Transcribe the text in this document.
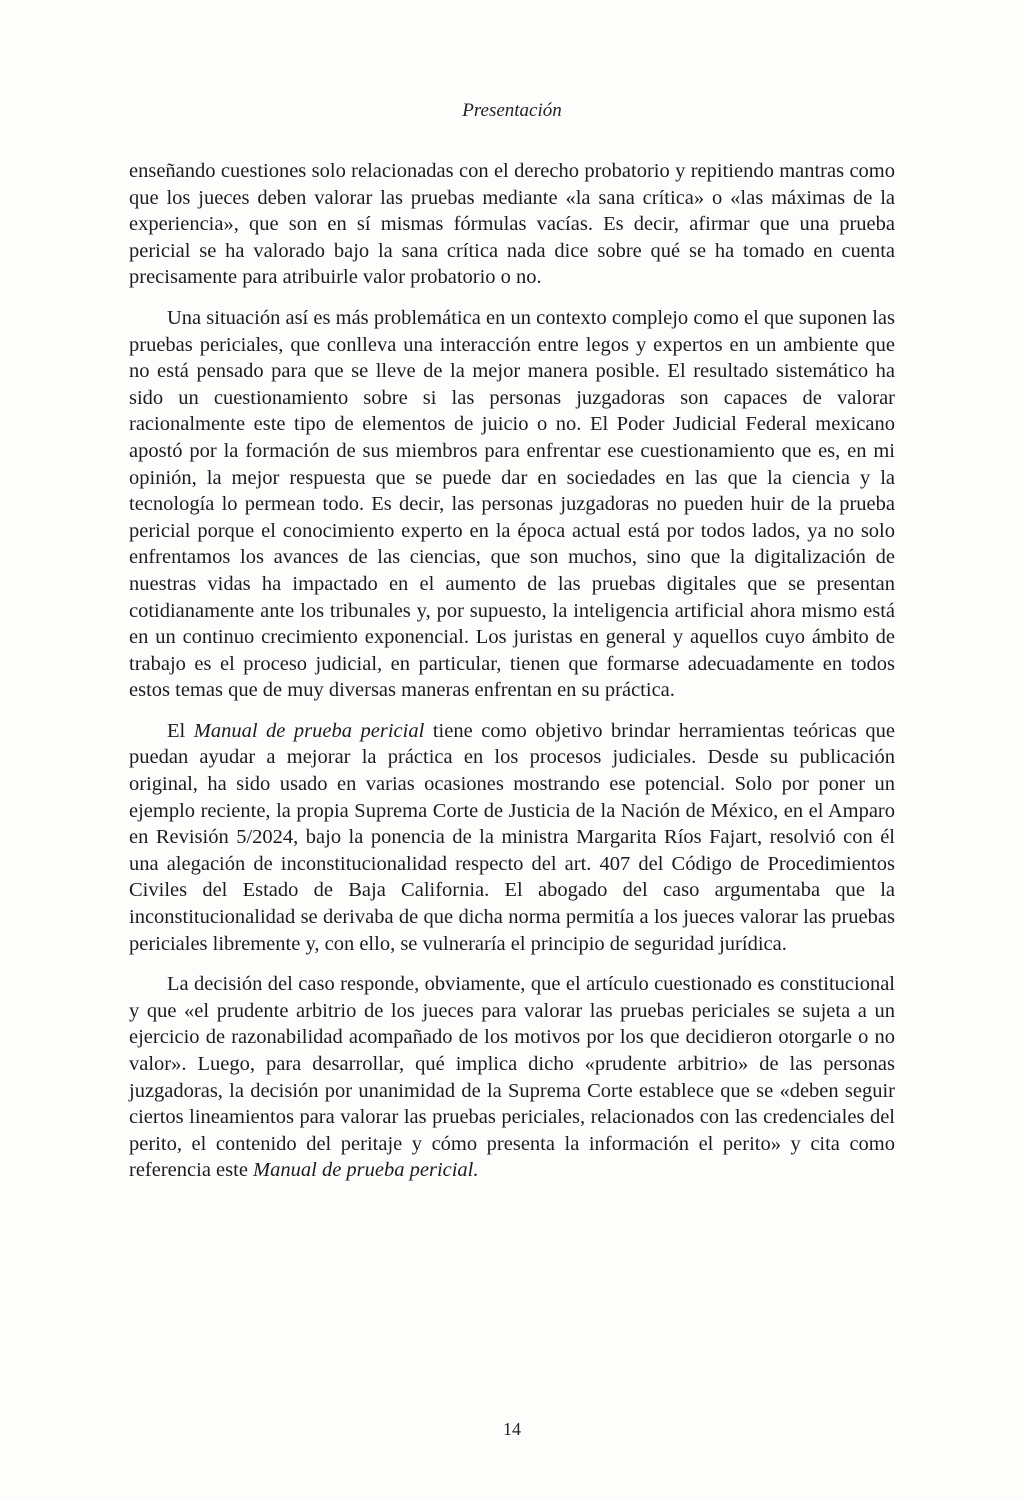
Presentación

enseñando cuestiones solo relacionadas con el derecho probatorio y repitiendo mantras como que los jueces deben valorar las pruebas mediante «la sana crítica» o «las máximas de la experiencia», que son en sí mismas fórmulas vacías. Es decir, afirmar que una prueba pericial se ha valorado bajo la sana crítica nada dice sobre qué se ha tomado en cuenta precisamente para atribuirle valor probatorio o no.

Una situación así es más problemática en un contexto complejo como el que suponen las pruebas periciales, que conlleva una interacción entre legos y expertos en un ambiente que no está pensado para que se lleve de la mejor manera posible. El resultado sistemático ha sido un cuestionamiento sobre si las personas juzgadoras son capaces de valorar racionalmente este tipo de elementos de juicio o no. El Poder Judicial Federal mexicano apostó por la formación de sus miembros para enfrentar ese cuestionamiento que es, en mi opinión, la mejor respuesta que se puede dar en sociedades en las que la ciencia y la tecnología lo permean todo. Es decir, las personas juzgadoras no pueden huir de la prueba pericial porque el conocimiento experto en la época actual está por todos lados, ya no solo enfrentamos los avances de las ciencias, que son muchos, sino que la digitalización de nuestras vidas ha impactado en el aumento de las pruebas digitales que se presentan cotidianamente ante los tribunales y, por supuesto, la inteligencia artificial ahora mismo está en un continuo crecimiento exponencial. Los juristas en general y aquellos cuyo ámbito de trabajo es el proceso judicial, en particular, tienen que formarse adecuadamente en todos estos temas que de muy diversas maneras enfrentan en su práctica.

El Manual de prueba pericial tiene como objetivo brindar herramientas teóricas que puedan ayudar a mejorar la práctica en los procesos judiciales. Desde su publicación original, ha sido usado en varias ocasiones mostrando ese potencial. Solo por poner un ejemplo reciente, la propia Suprema Corte de Justicia de la Nación de México, en el Amparo en Revisión 5/2024, bajo la ponencia de la ministra Margarita Ríos Fajart, resolvió con él una alegación de inconstitucionalidad respecto del art. 407 del Código de Procedimientos Civiles del Estado de Baja California. El abogado del caso argumentaba que la inconstitucionalidad se derivaba de que dicha norma permitía a los jueces valorar las pruebas periciales libremente y, con ello, se vulneraría el principio de seguridad jurídica.

La decisión del caso responde, obviamente, que el artículo cuestionado es constitucional y que «el prudente arbitrio de los jueces para valorar las pruebas periciales se sujeta a un ejercicio de razonabilidad acompañado de los motivos por los que decidieron otorgarle o no valor». Luego, para desarrollar, qué implica dicho «prudente arbitrio» de las personas juzgadoras, la decisión por unanimidad de la Suprema Corte establece que se «deben seguir ciertos lineamientos para valorar las pruebas periciales, relacionados con las credenciales del perito, el contenido del peritaje y cómo presenta la información el perito» y cita como referencia este Manual de prueba pericial.

14
